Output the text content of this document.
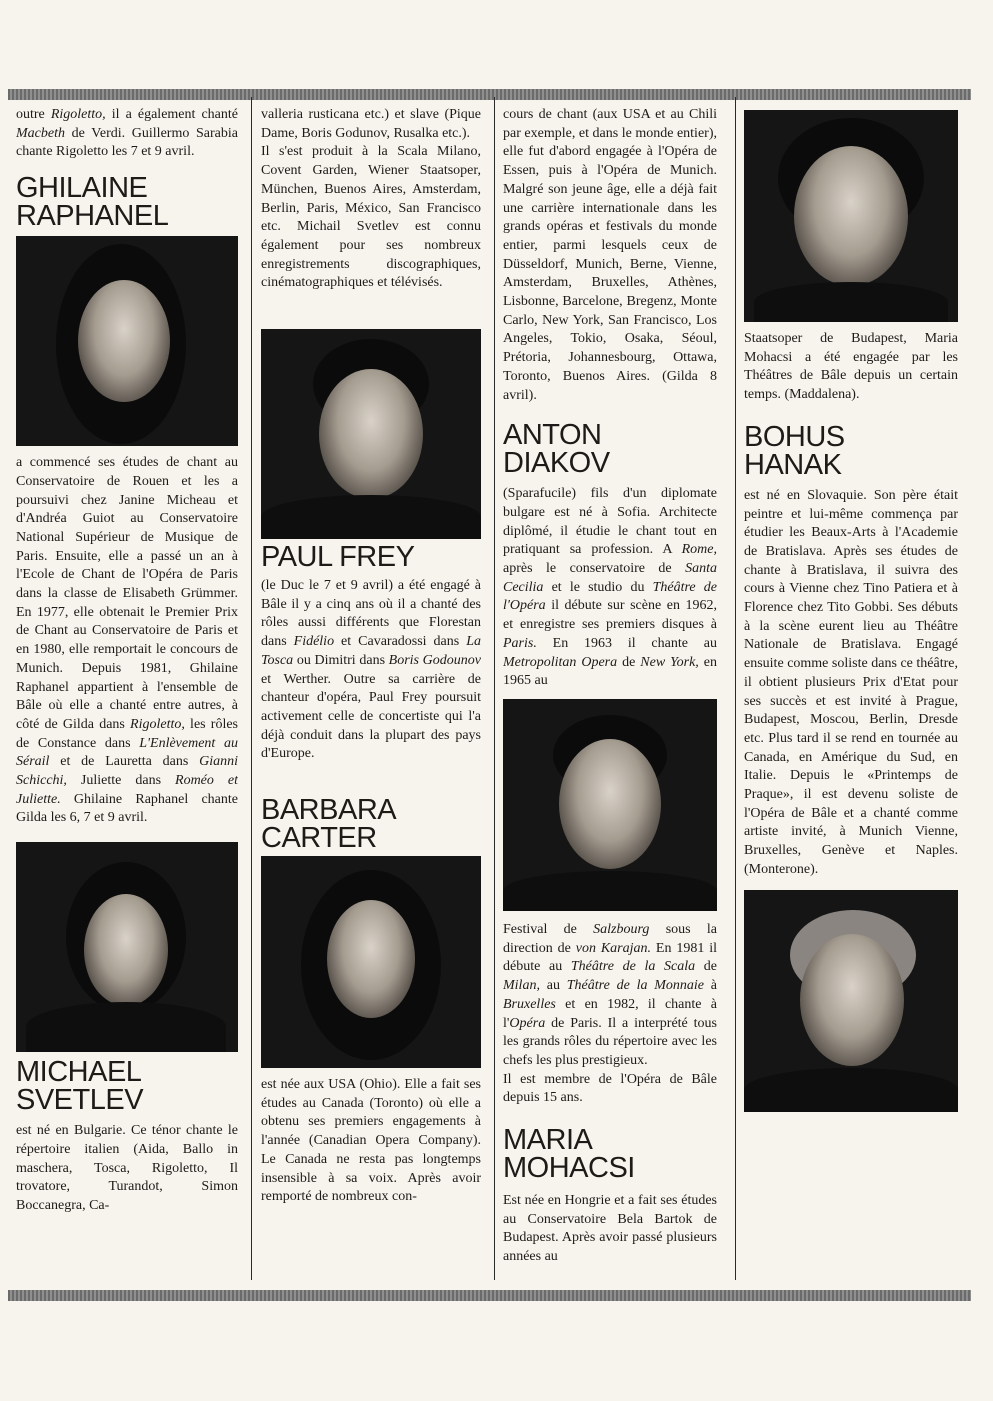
outre Rigoletto, il a également chanté Macbeth de Verdi. Guillermo Sarabia chante Rigoletto les 7 et 9 avril.

GHILAINE
RAPHANEL

a commencé ses études de chant au Conservatoire de Rouen et les a poursuivi chez Janine Micheau et d'Andréa Guiot au Conservatoire National Supérieur de Musique de Paris. Ensuite, elle a passé un an à l'Ecole de Chant de l'Opéra de Paris dans la classe de Elisabeth Grümmer. En 1977, elle obtenait le Premier Prix de Chant au Conservatoire de Paris et en 1980, elle remportait le concours de Munich. Depuis 1981, Ghilaine Raphanel appartient à l'ensemble de Bâle où elle a chanté entre autres, à côté de Gilda dans Rigoletto, les rôles de Constance dans L'Enlèvement au Sérail et de Lauretta dans Gianni Schicchi, Juliette dans Roméo et Juliette. Ghilaine Raphanel chante Gilda les 6, 7 et 9 avril.

MICHAEL
SVETLEV

est né en Bulgarie. Ce ténor chante le répertoire italien (Aida, Ballo in maschera, Tosca, Rigoletto, Il trovatore, Turandot, Simon Boccanegra, Ca-

valleria rusticana etc.) et slave (Pique Dame, Boris Godunov, Rusalka etc.).

Il s'est produit à la Scala Milano, Covent Garden, Wiener Staatsoper, München, Buenos Aires, Amsterdam, Berlin, Paris, México, San Francisco etc. Michail Svetlev est connu également pour ses nombreux enregistrements discographiques, cinématographiques et télévisés.

PAUL FREY

(le Duc le 7 et 9 avril) a été engagé à Bâle il y a cinq ans où il a chanté des rôles aussi différents que Florestan dans Fidélio et Cavaradossi dans La Tosca ou Dimitri dans Boris Godounov et Werther. Outre sa carrière de chanteur d'opéra, Paul Frey poursuit activement celle de concertiste qui l'a déjà conduit dans la plupart des pays d'Europe.

BARBARA
CARTER

est née aux USA (Ohio). Elle a fait ses études au Canada (Toronto) où elle a obtenu ses premiers engagements à l'année (Canadian Opera Company). Le Canada ne resta pas longtemps insensible à sa voix. Après avoir remporté de nombreux con-

cours de chant (aux USA et au Chili par exemple, et dans le monde entier), elle fut d'abord engagée à l'Opéra de Essen, puis à l'Opéra de Munich. Malgré son jeune âge, elle a déjà fait une carrière internationale dans les grands opéras et festivals du monde entier, parmi lesquels ceux de Düsseldorf, Munich, Berne, Vienne, Amsterdam, Bruxelles, Athènes, Lisbonne, Barcelone, Bregenz, Monte Carlo, New York, San Francisco, Los Angeles, Tokio, Osaka, Séoul, Prétoria, Johannesbourg, Ottawa, Toronto, Buenos Aires. (Gilda 8 avril).

ANTON
DIAKOV

(Sparafucile) fils d'un diplomate bulgare est né à Sofia. Architecte diplômé, il étudie le chant tout en pratiquant sa profession. A Rome, après le conservatoire de Santa Cecilia et le studio du Théâtre de l'Opéra il débute sur scène en 1962, et enregistre ses premiers disques à Paris. En 1963 il chante au Metropolitan Opera de New York, en 1965 au

Festival de Salzbourg sous la direction de von Karajan. En 1981 il débute au Théâtre de la Scala de Milan, au Théâtre de la Monnaie à Bruxelles et en 1982, il chante à l'Opéra de Paris. Il a interprété tous les grands rôles du répertoire avec les chefs les plus prestigieux.

Il est membre de l'Opéra de Bâle depuis 15 ans.

MARIA
MOHACSI

Est née en Hongrie et a fait ses études au Conservatoire Bela Bartok de Budapest. Après avoir passé plusieurs années au

Staatsoper de Budapest, Maria Mohacsi a été engagée par les Théâtres de Bâle depuis un certain temps. (Maddalena).

BOHUS
HANAK

est né en Slovaquie. Son père était peintre et lui-même commença par étudier les Beaux-Arts à l'Academie de Bratislava. Après ses études de chante à Bratislava, il suivra des cours à Vienne chez Tino Patiera et à Florence chez Tito Gobbi. Ses débuts à la scène eurent lieu au Théâtre Nationale de Bratislava. Engagé ensuite comme soliste dans ce théâtre, il obtient plusieurs Prix d'Etat pour ses succès et est invité à Prague, Budapest, Moscou, Berlin, Dresde etc. Plus tard il se rend en tournée au Canada, en Amérique du Sud, en Italie. Depuis le «Printemps de Praque», il est devenu soliste de l'Opéra de Bâle et a chanté comme artiste invité, à Munich Vienne, Bruxelles, Genève et Naples. (Monterone).
